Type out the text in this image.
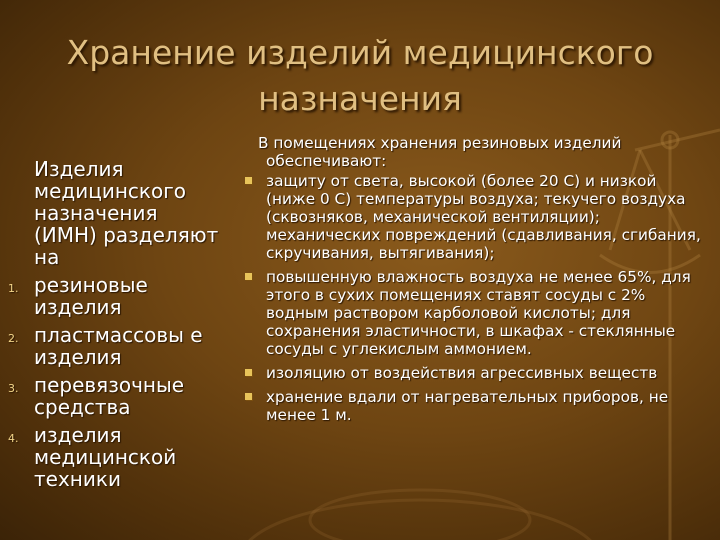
Хранение изделий медицинского назначения

Изделия медицинского назначения (ИМН) разделяют на

1. резиновые изделия
2. пластмассовы е изделия
3. перевязочные средства
4. изделия медицинской техники

В помещениях хранения резиновых изделий обеспечивают:

защиту от света, высокой (более 20 С) и низкой (ниже 0 С) температуры воздуха; текучего воздуха (сквозняков, механической вентиляции); механических повреждений (сдавливания, сгибания, скручивания, вытягивания);
повышенную влажность воздуха не менее 65%, для этого в сухих помещениях ставят сосуды с 2% водным раствором карболовой кислоты; для сохранения эластичности, в шкафах - стеклянные сосуды с углекислым аммонием.
изоляцию от воздействия агрессивных веществ
хранение вдали от нагревательных приборов, не менее 1 м.
